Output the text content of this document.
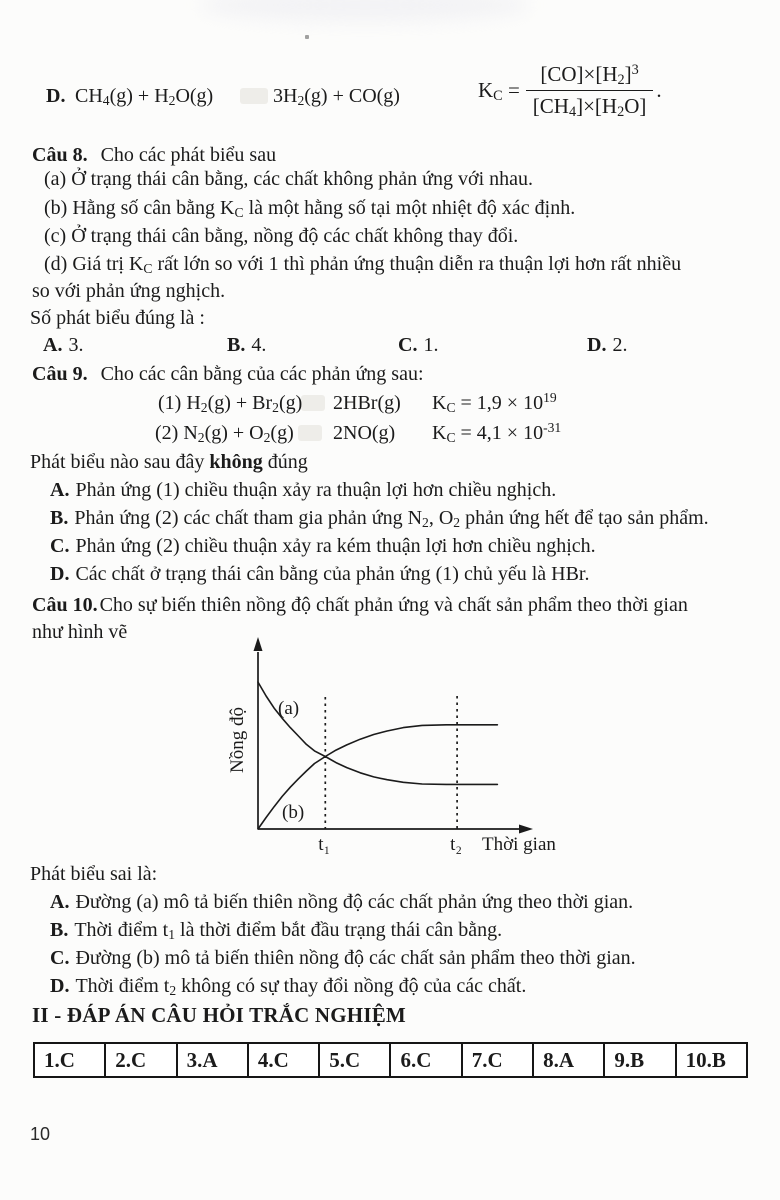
D. $CH_4(g) + H_2O(g)$	$3H_2(g) + CO(g)$	$K_C = \frac{[CO]\times[H_2]^3}{[CH_4]\times[H_2O]}$ .
Câu 8. Cho các phát biểu sau
(a) Ở trạng thái cân bằng, các chất không phản ứng với nhau.
(b) Hằng số cân bằng $K_C$ là một hằng số tại một nhiệt độ xác định.
(c) Ở trạng thái cân bằng, nồng độ các chất không thay đổi.
(d) Giá trị $K_C$ rất lớn so với 1 thì phản ứng thuận diễn ra thuận lợi hơn rất nhiều
so với phản ứng nghịch.
Số phát biểu đúng là :
A. 3.	B. 4.	C. 1.	D. 2.
Câu 9. Cho các cân bằng của các phản ứng sau:
(1) $H_2(g) + Br_2(g)$ 2HBr(g) $K_C = 1,9 \times 10^{19}$
(2) $N_2(g) + O_2(g)$ 2NO(g) $K_C = 4,1 \times 10^{-31}$
Phát biểu nào sau đây không đúng
A. Phản ứng (1) chiều thuận xảy ra thuận lợi hơn chiều nghịch.
B. Phản ứng (2) các chất tham gia phản ứng $N_2$, $O_2$ phản ứng hết để tạo sản phẩm.
C. Phản ứng (2) chiều thuận xảy ra kém thuận lợi hơn chiều nghịch.
D. Các chất ở trạng thái cân bằng của phản ứng (1) chủ yếu là HBr.
Câu 10. Cho sự biến thiên nồng độ chất phản ứng và chất sản phẩm theo thời gian
như hình vẽ
(a)
(b)
t₁	t₂ Thời gian
Nồng độ
Phát biểu sai là:
A. Đường (a) mô tả biến thiên nồng độ các chất phản ứng theo thời gian.
B. Thời điểm $t_1$ là thời điểm bắt đầu trạng thái cân bằng.
C. Đường (b) mô tả biến thiên nồng độ các chất sản phẩm theo thời gian.
D. Thời điểm $t_2$ không có sự thay đổi nồng độ của các chất.
II - ĐÁP ÁN CÂU HỎI TRẮC NGHIỆM
1.C	2.C	3.A	4.C	5.C	6.C	7.C	8.A	9.B	10.B
10
